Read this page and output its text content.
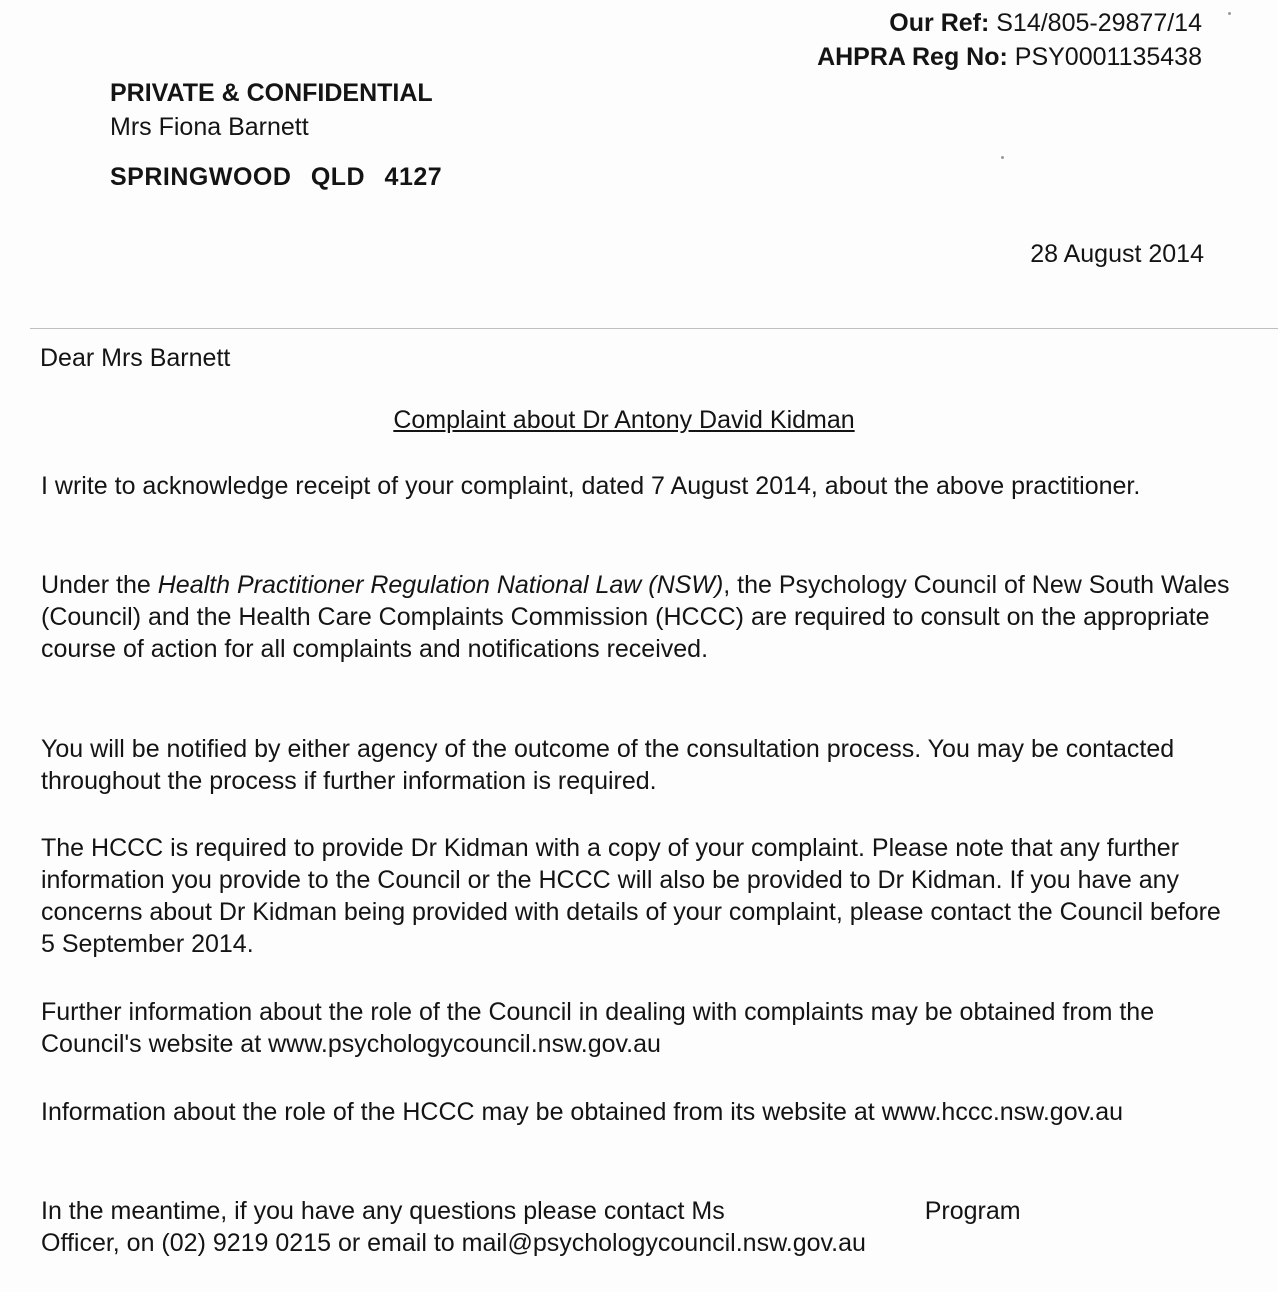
Our Ref: S14/805-29877/14
AHPRA Reg No: PSY0001135438
PRIVATE & CONFIDENTIAL
Mrs Fiona Barnett
SPRINGWOOD QLD 4127
28 August 2014
Dear Mrs Barnett
Complaint about Dr Antony David Kidman

I write to acknowledge receipt of your complaint, dated 7 August 2014, about the above practitioner.

Under the Health Practitioner Regulation National Law (NSW), the Psychology Council of New South Wales (Council) and the Health Care Complaints Commission (HCCC) are required to consult on the appropriate course of action for all complaints and notifications received.

You will be notified by either agency of the outcome of the consultation process. You may be contacted throughout the process if further information is required.

The HCCC is required to provide Dr Kidman with a copy of your complaint. Please note that any further information you provide to the Council or the HCCC will also be provided to Dr Kidman. If you have any concerns about Dr Kidman being provided with details of your complaint, please contact the Council before 5 September 2014.

Further information about the role of the Council in dealing with complaints may be obtained from the Council's website at www.psychologycouncil.nsw.gov.au

Information about the role of the HCCC may be obtained from its website at www.hccc.nsw.gov.au

In the meantime, if you have any questions please contact Ms	Program
Officer, on (02) 9219 0215 or email to mail@psychologycouncil.nsw.gov.au
